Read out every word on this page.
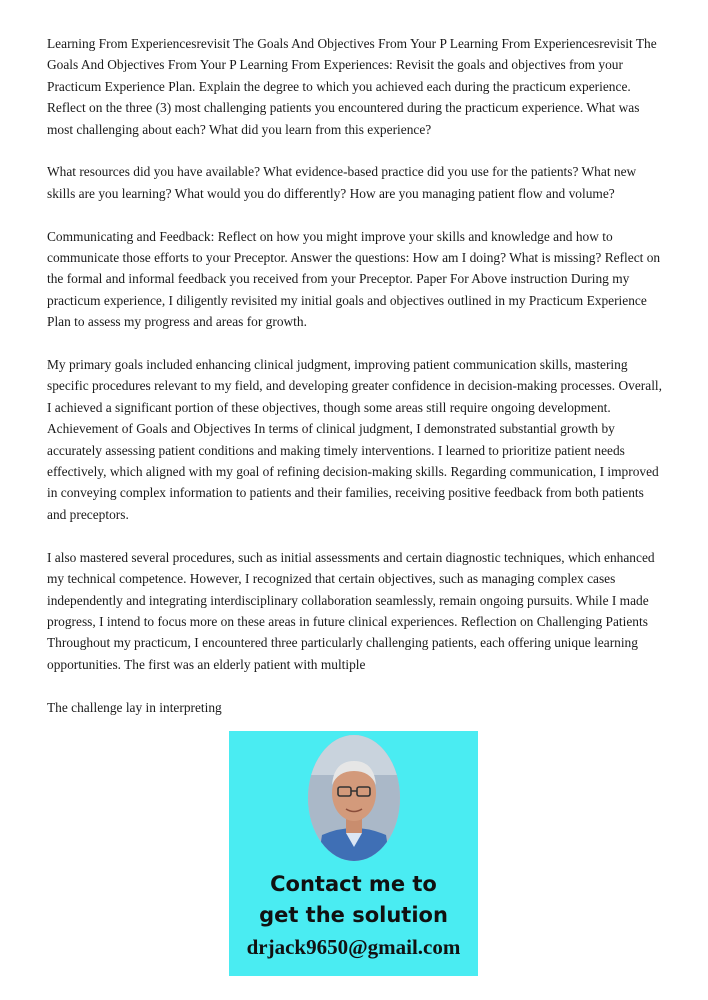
Learning From Experiencesrevisit The Goals And Objectives From Your P Learning From Experiencesrevisit The Goals And Objectives From Your P Learning From Experiences: Revisit the goals and objectives from your Practicum Experience Plan. Explain the degree to which you achieved each during the practicum experience. Reflect on the three (3) most challenging patients you encountered during the practicum experience. What was most challenging about each? What did you learn from this experience?

What resources did you have available? What evidence-based practice did you use for the patients? What new skills are you learning? What would you do differently? How are you managing patient flow and volume?

Communicating and Feedback: Reflect on how you might improve your skills and knowledge and how to communicate those efforts to your Preceptor. Answer the questions: How am I doing? What is missing? Reflect on the formal and informal feedback you received from your Preceptor. Paper For Above instruction During my practicum experience, I diligently revisited my initial goals and objectives outlined in my Practicum Experience Plan to assess my progress and areas for growth.

My primary goals included enhancing clinical judgment, improving patient communication skills, mastering specific procedures relevant to my field, and developing greater confidence in decision-making processes. Overall, I achieved a significant portion of these objectives, though some areas still require ongoing development. Achievement of Goals and Objectives In terms of clinical judgment, I demonstrated substantial growth by accurately assessing patient conditions and making timely interventions. I learned to prioritize patient needs effectively, which aligned with my goal of refining decision-making skills. Regarding communication, I improved in conveying complex information to patients and their families, receiving positive feedback from both patients and preceptors.

I also mastered several procedures, such as initial assessments and certain diagnostic techniques, which enhanced my technical competence. However, I recognized that certain objectives, such as managing complex cases independently and integrating interdisciplinary collaboration seamlessly, remain ongoing pursuits. While I made progress, I intend to focus more on these areas in future clinical experiences. Reflection on Challenging Patients Throughout my practicum, I encountered three particularly challenging patients, each offering unique learning opportunities. The first was an elderly patient with multiple

The challenge lay in interpreting

Contact me to
get the solution
drjack9650@gmail.com
